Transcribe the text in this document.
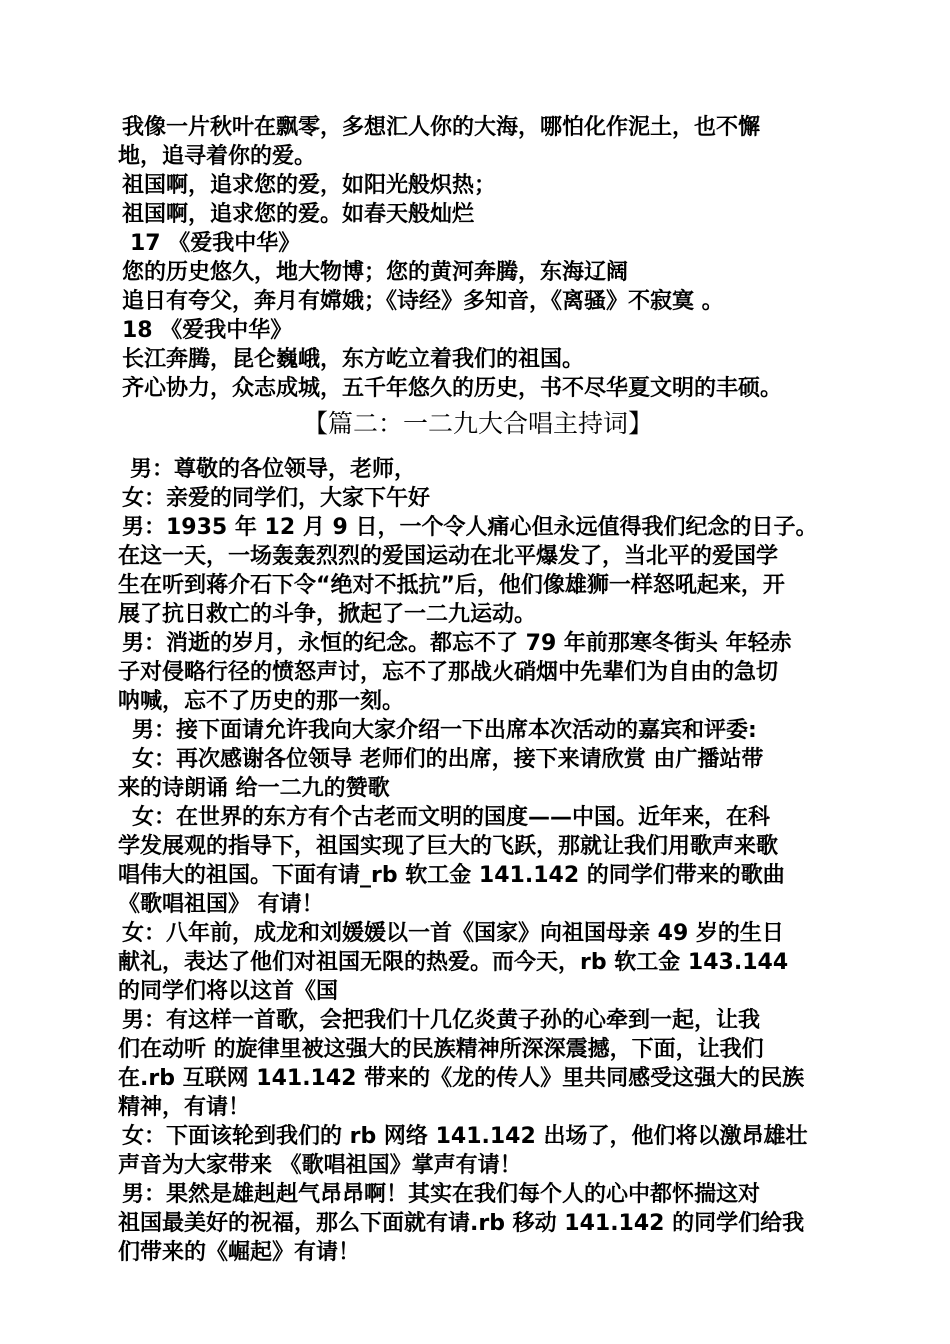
我像一片秋叶在飘零，多想汇人你的大海，哪怕化作泥土，也不懈

地，追寻着你的爱。

祖国啊，追求您的爱，如阳光般炽热；

祖国啊，追求您的爱。如春天般灿烂

17 《爱我中华》

您的历史悠久，地大物博；您的黄河奔腾，东海辽阔

追日有夸父，奔月有嫦娥；《诗经》多知音，《离骚》不寂寞 。

18 《爱我中华》

长江奔腾，昆仑巍峨，东方屹立着我们的祖国。

齐心协力，众志成城，五千年悠久的历史，书不尽华夏文明的丰硕。

【篇二：一二九大合唱主持词】

男：尊敬的各位领导，老师，

女：亲爱的同学们，大家下午好

男：1935 年 12 月 9 日，一个令人痛心但永远值得我们纪念的日子。

在这一天，一场轰轰烈烈的爱国运动在北平爆发了，当北平的爱国学

生在听到蒋介石下令“绝对不抵抗”后，他们像雄狮一样怒吼起来，开

展了抗日救亡的斗争，掀起了一二九运动。

男：消逝的岁月，永恒的纪念。都忘不了 79 年前那寒冬街头 年轻赤

子对侵略行径的愤怒声讨，忘不了那战火硝烟中先辈们为自由的急切

呐喊，忘不了历史的那一刻。

男：接下面请允许我向大家介绍一下出席本次活动的嘉宾和评委:

女：再次感谢各位领导 老师们的出席，接下来请欣赏 由广播站带

来的诗朗诵 给一二九的赞歌

女：在世界的东方有个古老而文明的国度——中国。近年来，在科

学发展观的指导下，祖国实现了巨大的飞跃，那就让我们用歌声来歌

唱伟大的祖国。下面有请_rb 软工金 141.142 的同学们带来的歌曲

《歌唱祖国》 有请！

女：八年前，成龙和刘媛媛以一首《国家》向祖国母亲 49 岁的生日

献礼，表达了他们对祖国无限的热爱。而今天，rb 软工金 143.144

的同学们将以这首《国

男：有这样一首歌，会把我们十几亿炎黄子孙的心牵到一起，让我

们在动听 的旋律里被这强大的民族精神所深深震撼，下面，让我们

在.rb 互联网 141.142 带来的《龙的传人》里共同感受这强大的民族

精神，有请！

女：下面该轮到我们的 rb 网络 141.142 出场了，他们将以激昂雄壮

声音为大家带来 《歌唱祖国》掌声有请！

男：果然是雄赳赳气昂昂啊！其实在我们每个人的心中都怀揣这对

祖国最美好的祝福，那么下面就有请.rb 移动 141.142 的同学们给我

们带来的《崛起》有请！
